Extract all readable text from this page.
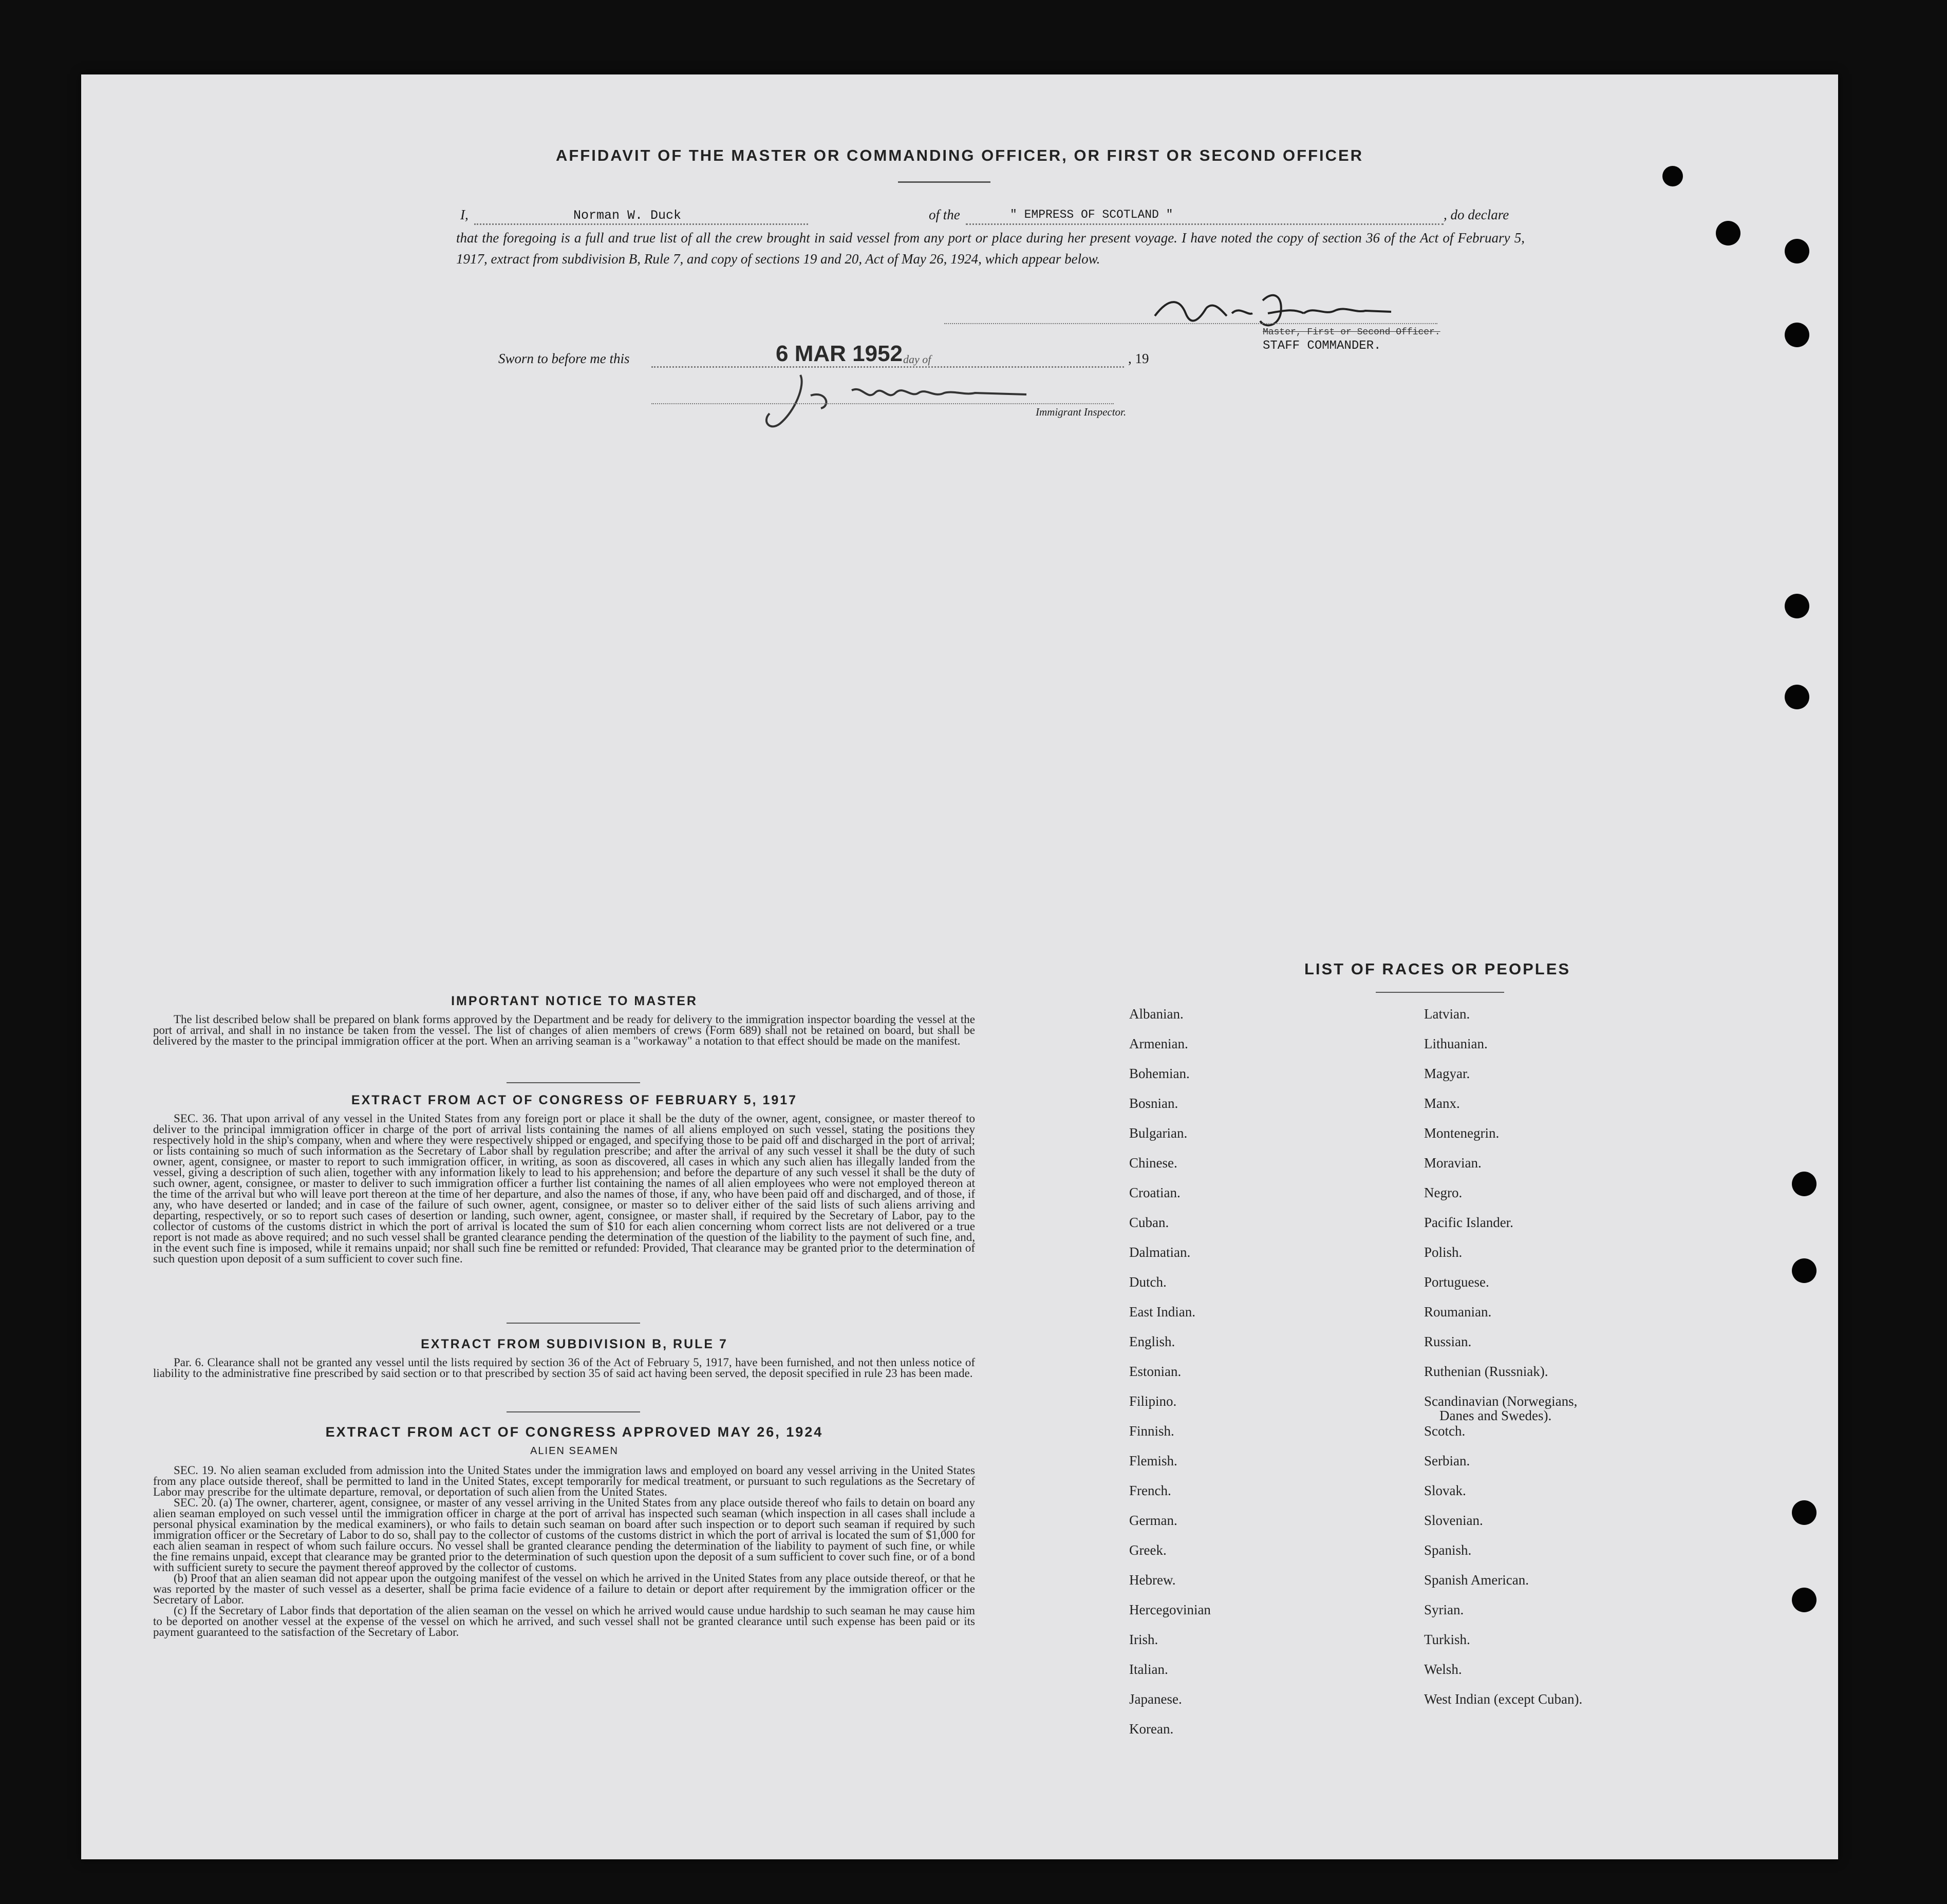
AFFIDAVIT OF THE MASTER OR COMMANDING OFFICER, OR FIRST OR SECOND OFFICER
I,	Norman W. Duck	of the	" EMPRESS OF SCOTLAND "	, do declare
that the foregoing is a full and true list of all the crew brought in said vessel from any port or place during her present voyage. I have noted the copy of section 36 of the Act of February 5, 1917, extract from subdivision B, Rule 7, and copy of sections 19 and 20, Act of May 26, 1924, which appear below.
Master, First or Second Officer.
STAFF COMMANDER.
Sworn to before me this	6 MAR 1952 day of	, 19
Immigrant Inspector.
IMPORTANT NOTICE TO MASTER
The list described below shall be prepared on blank forms approved by the Department and be ready for delivery to the immigration inspector boarding the vessel at the port of arrival, and shall in no instance be taken from the vessel. The list of changes of alien members of crews (Form 689) shall not be retained on board, but shall be delivered by the master to the principal immigration officer at the port. When an arriving seaman is a "workaway" a notation to that effect should be made on the manifest.
EXTRACT FROM ACT OF CONGRESS OF FEBRUARY 5, 1917
SEC. 36. That upon arrival of any vessel in the United States from any foreign port or place it shall be the duty of the owner, agent, consignee, or master thereof to deliver to the principal immigration officer in charge of the port of arrival lists containing the names of all aliens employed on such vessel, stating the positions they respectively hold in the ship's company, when and where they were respectively shipped or engaged, and specifying those to be paid off and discharged in the port of arrival; or lists containing so much of such information as the Secretary of Labor shall by regulation prescribe; and after the arrival of any such vessel it shall be the duty of such owner, agent, consignee, or master to report to such immigration officer, in writing, as soon as discovered, all cases in which any such alien has illegally landed from the vessel, giving a description of such alien, together with any information likely to lead to his apprehension; and before the departure of any such vessel it shall be the duty of such owner, agent, consignee, or master to deliver to such immigration officer a further list containing the names of all alien employees who were not employed thereon at the time of the arrival but who will leave port thereon at the time of her departure, and also the names of those, if any, who have been paid off and discharged, and of those, if any, who have deserted or landed; and in case of the failure of such owner, agent, consignee, or master so to deliver either of the said lists of such aliens arriving and departing, respectively, or so to report such cases of desertion or landing, such owner, agent, consignee, or master shall, if required by the Secretary of Labor, pay to the collector of customs of the customs district in which the port of arrival is located the sum of $10 for each alien concerning whom correct lists are not delivered or a true report is not made as above required; and no such vessel shall be granted clearance pending the determination of the question of the liability to the payment of such fine, and, in the event such fine is imposed, while it remains unpaid; nor shall such fine be remitted or refunded: Provided, That clearance may be granted prior to the determination of such question upon deposit of a sum sufficient to cover such fine.
EXTRACT FROM SUBDIVISION B, RULE 7
Par. 6. Clearance shall not be granted any vessel until the lists required by section 36 of the Act of February 5, 1917, have been furnished, and not then unless notice of liability to the administrative fine prescribed by said section or to that prescribed by section 35 of said act having been served, the deposit specified in rule 23 has been made.
EXTRACT FROM ACT OF CONGRESS APPROVED MAY 26, 1924
ALIEN SEAMEN
SEC. 19. No alien seaman excluded from admission into the United States under the immigration laws and employed on board any vessel arriving in the United States from any place outside thereof, shall be permitted to land in the United States, except temporarily for medical treatment, or pursuant to such regulations as the Secretary of Labor may prescribe for the ultimate departure, removal, or deportation of such alien from the United States.
SEC. 20. (a) The owner, charterer, agent, consignee, or master of any vessel arriving in the United States from any place outside thereof who fails to detain on board any alien seaman employed on such vessel until the immigration officer in charge at the port of arrival has inspected such seaman (which inspection in all cases shall include a personal physical examination by the medical examiners), or who fails to detain such seaman on board after such inspection or to deport such seaman if required by such immigration officer or the Secretary of Labor to do so, shall pay to the collector of customs of the customs district in which the port of arrival is located the sum of $1,000 for each alien seaman in respect of whom such failure occurs. No vessel shall be granted clearance pending the determination of the liability to payment of such fine, or while the fine remains unpaid, except that clearance may be granted prior to the determination of such question upon the deposit of a sum sufficient to cover such fine, or of a bond with sufficient surety to secure the payment thereof approved by the collector of customs.
(b) Proof that an alien seaman did not appear upon the outgoing manifest of the vessel on which he arrived in the United States from any place outside thereof, or that he was reported by the master of such vessel as a deserter, shall be prima facie evidence of a failure to detain or deport after requirement by the immigration officer or the Secretary of Labor.
(c) If the Secretary of Labor finds that deportation of the alien seaman on the vessel on which he arrived would cause undue hardship to such seaman he may cause him to be deported on another vessel at the expense of the vessel on which he arrived, and such vessel shall not be granted clearance until such expense has been paid or its payment guaranteed to the satisfaction of the Secretary of Labor.
LIST OF RACES OR PEOPLES
Albanian.
Armenian.
Bohemian.
Bosnian.
Bulgarian.
Chinese.
Croatian.
Cuban.
Dalmatian.
Dutch.
East Indian.
English.
Estonian.
Filipino.
Finnish.
Flemish.
French.
German.
Greek.
Hebrew.
Hercegovinian
Irish.
Italian.
Japanese.
Korean.
Latvian.
Lithuanian.
Magyar.
Manx.
Montenegrin.
Moravian.
Negro.
Pacific Islander.
Polish.
Portuguese.
Roumanian.
Russian.
Ruthenian (Russniak).
Scandinavian (Norwegians,
Danes and Swedes).
Scotch.
Serbian.
Slovak.
Slovenian.
Spanish.
Spanish American.
Syrian.
Turkish.
Welsh.
West Indian (except Cuban).
